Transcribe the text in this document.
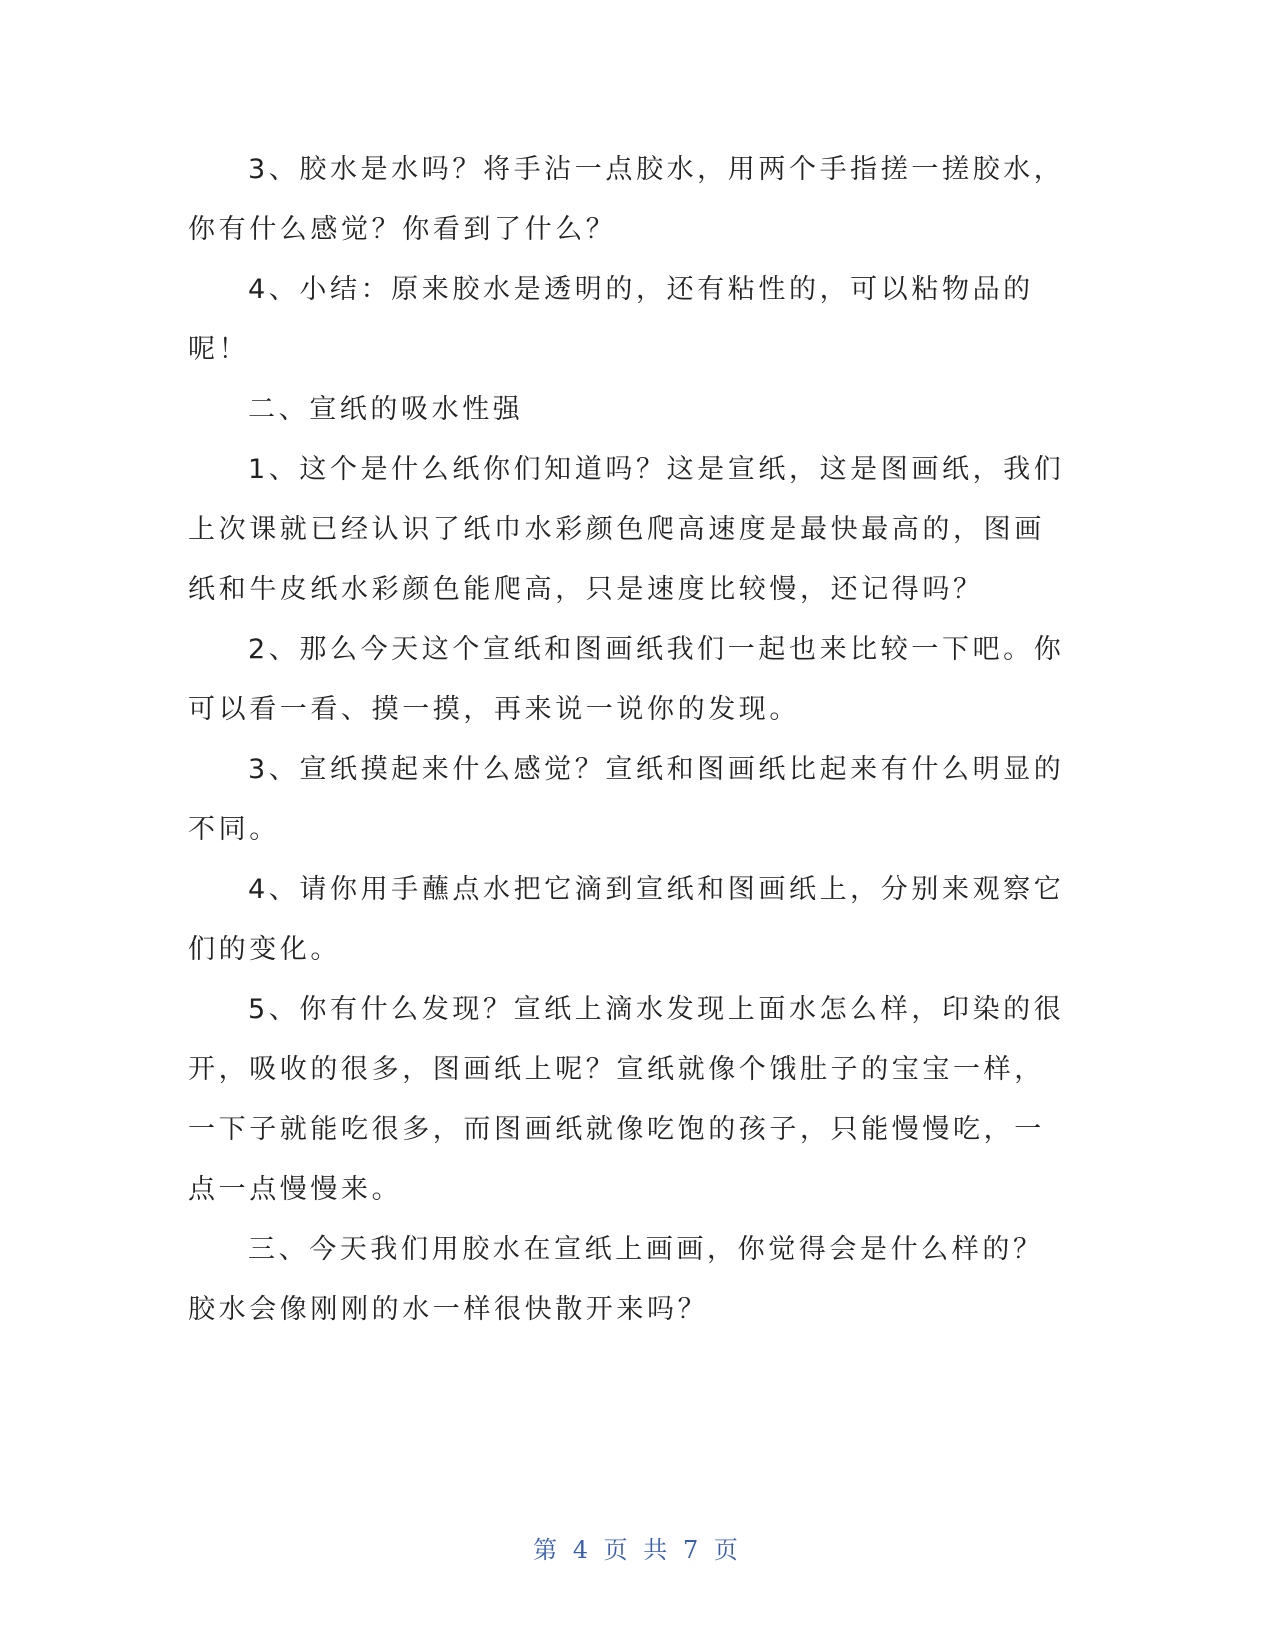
3、胶水是水吗？将手沾一点胶水，用两个手指搓一搓胶水，你有什么感觉？你看到了什么？

4、小结：原来胶水是透明的，还有粘性的，可以粘物品的呢！

二、宣纸的吸水性强

1、这个是什么纸你们知道吗？这是宣纸，这是图画纸，我们上次课就已经认识了纸巾水彩颜色爬高速度是最快最高的，图画纸和牛皮纸水彩颜色能爬高，只是速度比较慢，还记得吗？

2、那么今天这个宣纸和图画纸我们一起也来比较一下吧。你可以看一看、摸一摸，再来说一说你的发现。

3、宣纸摸起来什么感觉？宣纸和图画纸比起来有什么明显的不同。

4、请你用手蘸点水把它滴到宣纸和图画纸上，分别来观察它们的变化。

5、你有什么发现？宣纸上滴水发现上面水怎么样，印染的很开，吸收的很多，图画纸上呢？宣纸就像个饿肚子的宝宝一样，一下子就能吃很多，而图画纸就像吃饱的孩子，只能慢慢吃，一点一点慢慢来。

三、今天我们用胶水在宣纸上画画，你觉得会是什么样的？胶水会像刚刚的水一样很快散开来吗？

第 4 页 共 7 页
